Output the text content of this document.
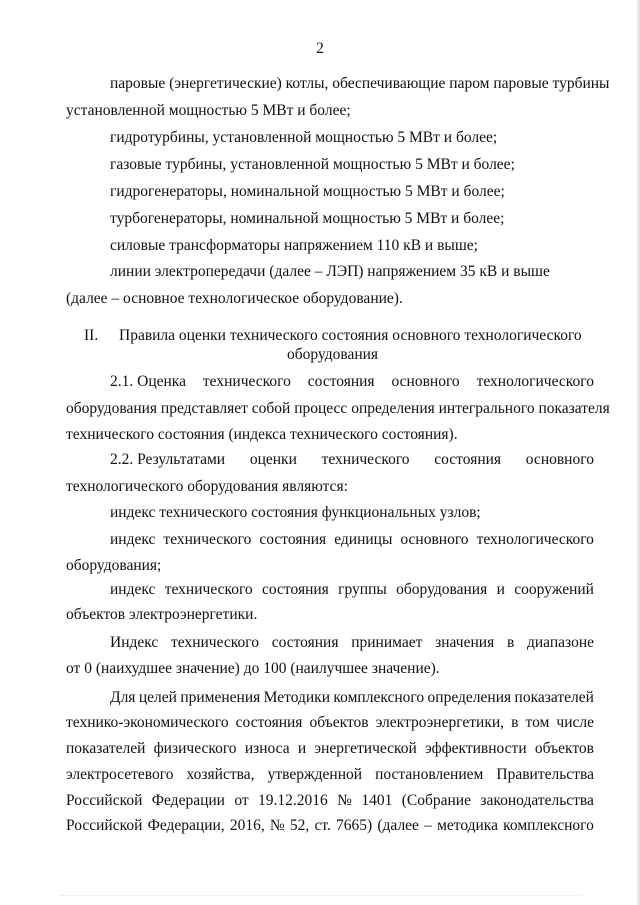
2
паровые (энергетические) котлы, обеспечивающие паром паровые турбины
установленной мощностью 5 МВт и более;
гидротурбины, установленной мощностью 5 МВт и более;
газовые турбины, установленной мощностью 5 МВт и более;
гидрогенераторы, номинальной мощностью 5 МВт и более;
турбогенераторы, номинальной мощностью 5 МВт и более;
силовые трансформаторы напряжением 110 кВ и выше;
линии электропередачи (далее – ЛЭП) напряжением 35 кВ и выше
(далее – основное технологическое оборудование).
II. Правила оценки технического состояния основного технологического
оборудования
2.1. Оценка технического состояния основного технологического
оборудования представляет собой процесс определения интегрального показателя
технического состояния (индекса технического состояния).
2.2. Результатами оценки технического состояния основного
технологического оборудования являются:
индекс технического состояния функциональных узлов;
индекс технического состояния единицы основного технологического
оборудования;
индекс технического состояния группы оборудования и сооружений
объектов электроэнергетики.
Индекс технического состояния принимает значения в диапазоне
от 0 (наихудшее значение) до 100 (наилучшее значение).
Для целей применения Методики комплексного определения показателей
технико-экономического состояния объектов электроэнергетики, в том числе
показателей физического износа и энергетической эффективности объектов
электросетевого хозяйства, утвержденной постановлением Правительства
Российской Федерации от 19.12.2016 № 1401 (Собрание законодательства
Российской Федерации, 2016, № 52, ст. 7665) (далее – методика комплексного
